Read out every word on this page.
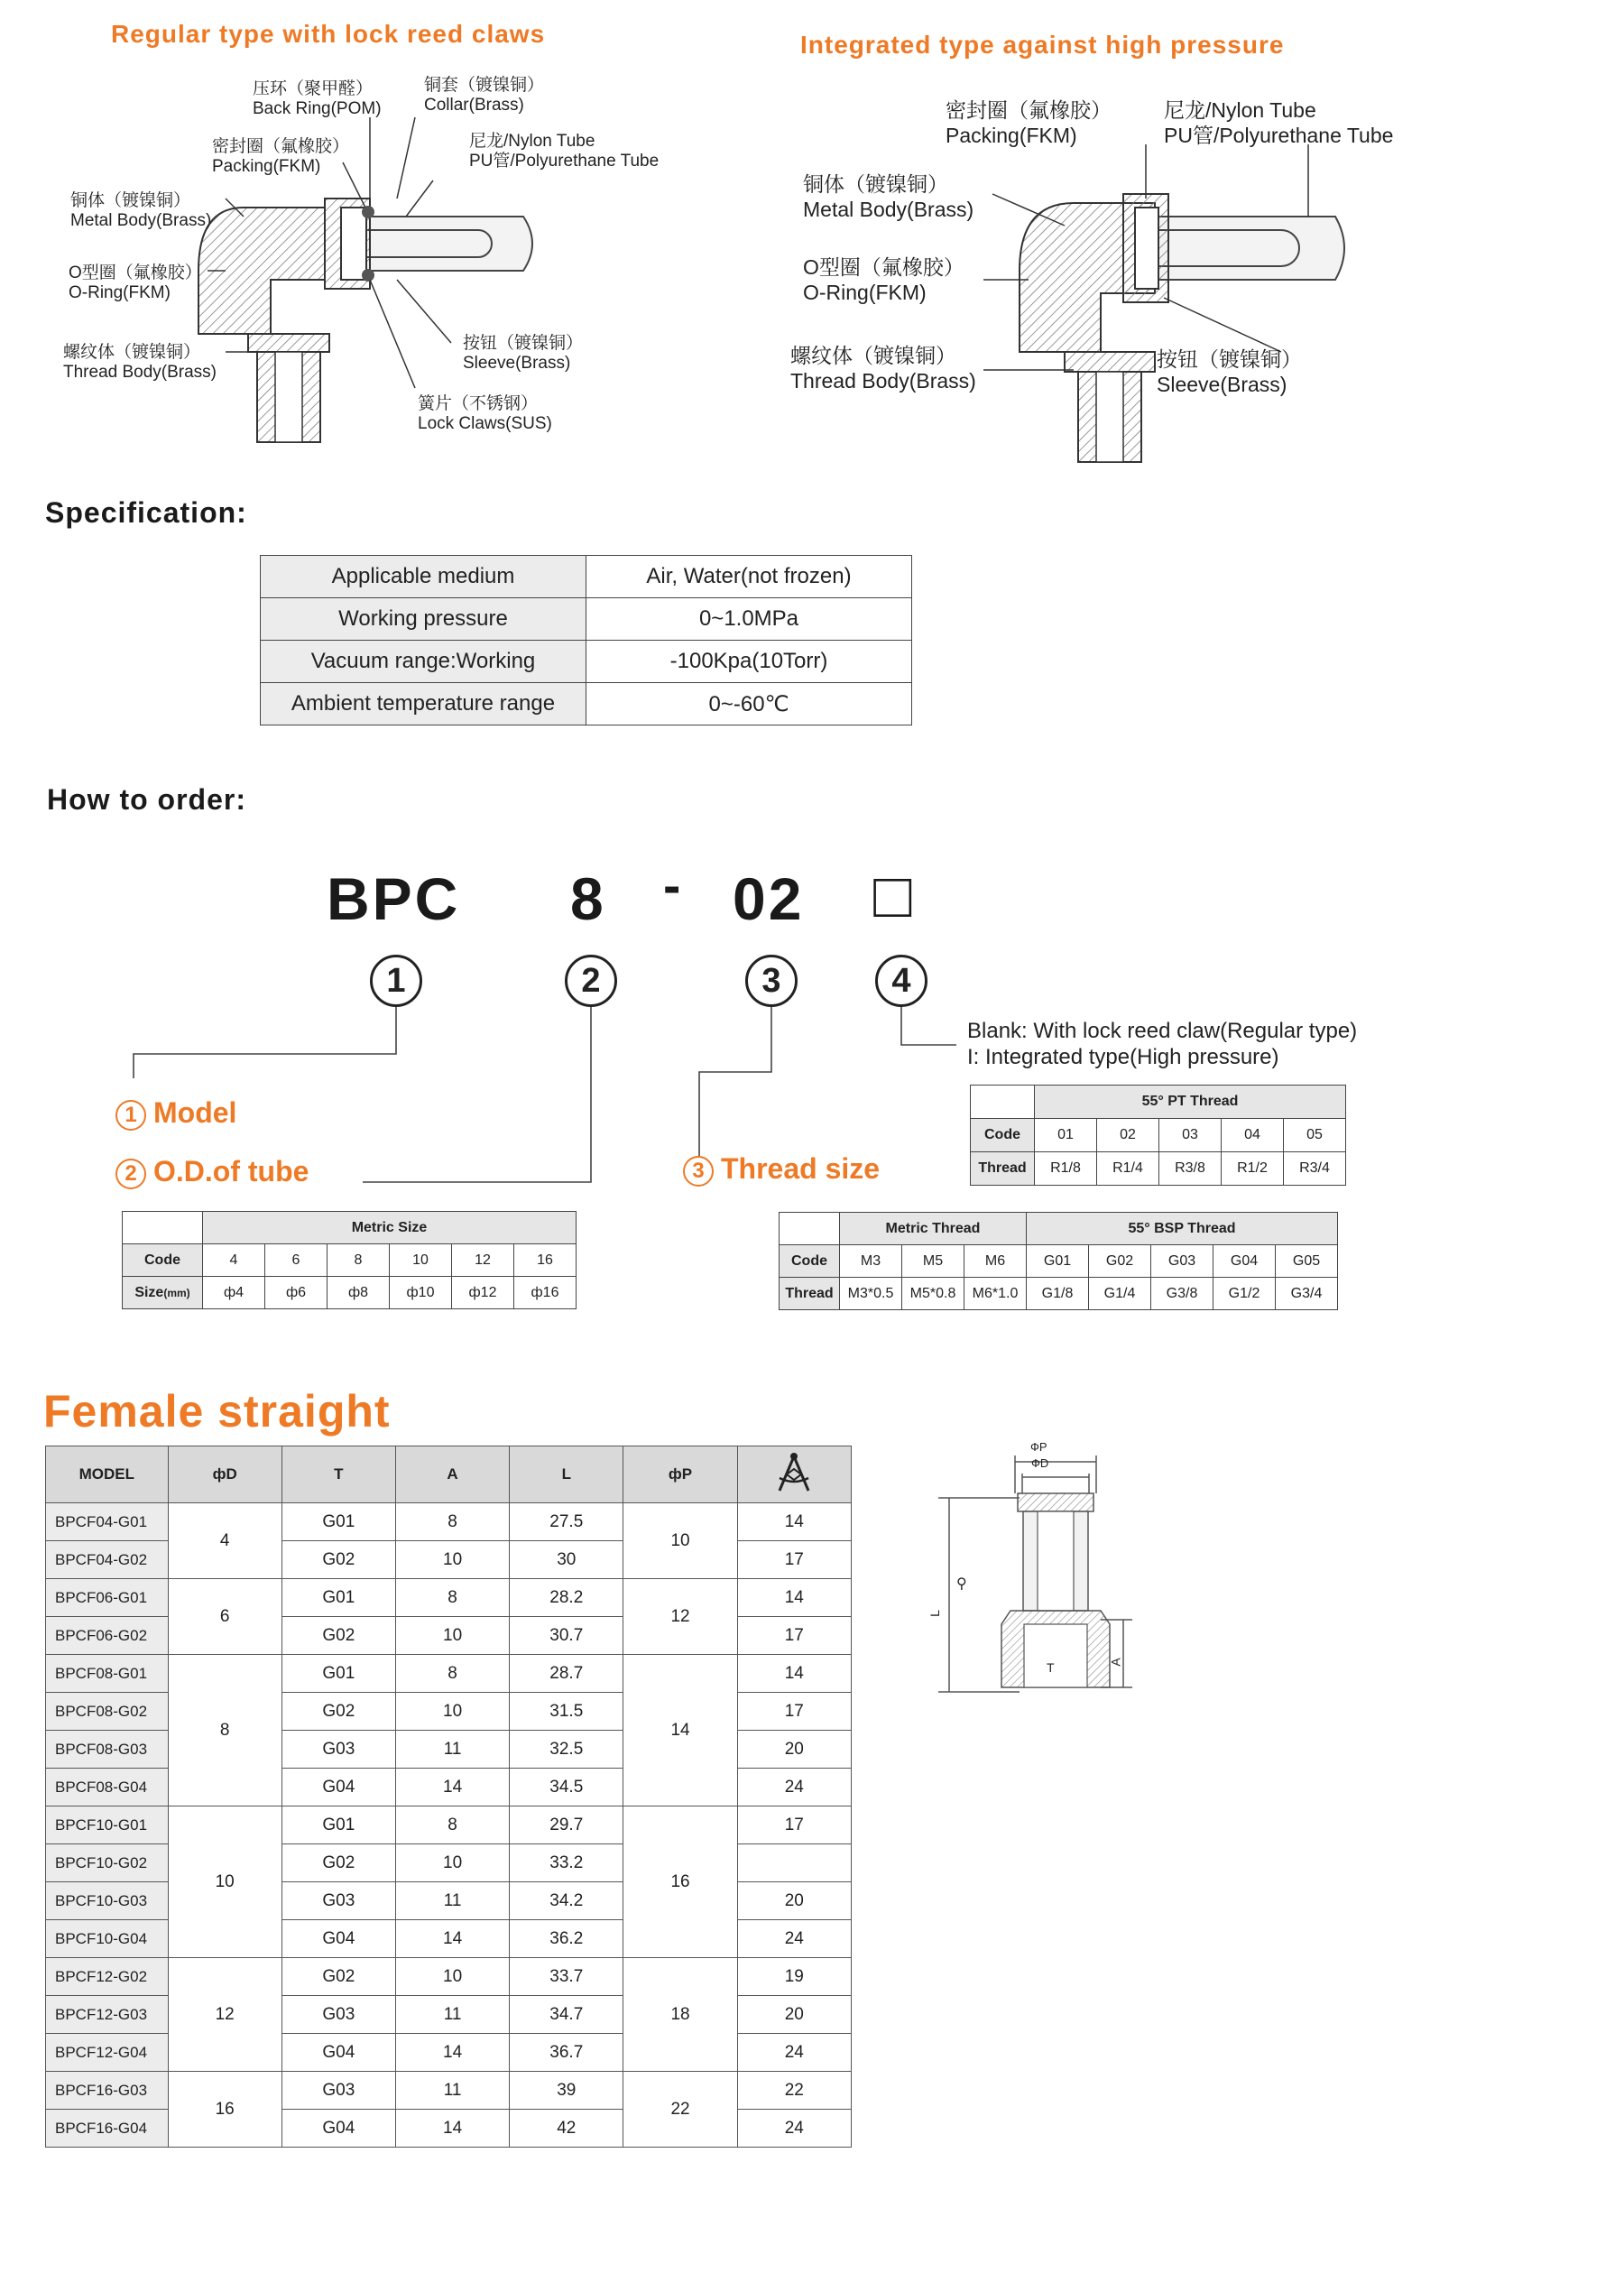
Regular type with lock reed claws	Integrated type against high pressure
压环（聚甲醛）
Back Ring(POM)
铜套（镀镍铜）
Collar(Brass)
密封圈（氟橡胶）
Packing(FKM)
尼龙/Nylon Tube
PU管/Polyurethane Tube
铜体（镀镍铜）
Metal Body(Brass)
O型圈（氟橡胶）
O-Ring(FKM)
螺纹体（镀镍铜）
Thread Body(Brass)
按钮（镀镍铜）
Sleeve(Brass)
簧片（不锈钢）
Lock Claws(SUS)
密封圈（氟橡胶）
Packing(FKM)
尼龙/Nylon Tube
PU管/Polyurethane Tube
铜体（镀镍铜）
Metal Body(Brass)
O型圈（氟橡胶）
O-Ring(FKM)
螺纹体（镀镍铜）
Thread Body(Brass)
按钮（镀镍铜）
Sleeve(Brass)
Specification:
Applicable medium	Air, Water(not frozen)
Working pressure	0~1.0MPa
Vacuum range:Working	-100Kpa(10Torr)
Ambient temperature range	0~-60℃
How to order:
BPC 8 - 02 □
1	2	3	4
Blank: With lock reed claw(Regular type)
I: Integrated type(High pressure)
1 Model
2 O.D.of tube	3 Thread size
	55° PT Thread				
Code	01	02	03	04	05
Thread	R1/8	R1/4	R3/8	R1/2	R3/4
	Metric Size					
Code	4	6	8	10	12	16
Size(mm)	ф4	ф6	ф8	ф10	ф12	ф16
	Metric Thread			55° BSP Thread				
Code	M3	M5	M6	G01	G02	G03	G04	G05
Thread	M3*0.5	M5*0.8	M6*1.0	G1/8	G1/4	G3/8	G1/2	G3/4
Female straight
MODEL	фD	T	A	L	фP	
BPCF04-G01	4	G01	8	27.5	10	14
BPCF04-G02		G02	10	30		17
BPCF06-G01	6	G01	8	28.2	12	14
BPCF06-G02		G02	10	30.7		17
BPCF08-G01	8	G01	8	28.7	14	14
BPCF08-G02		G02	10	31.5		17
BPCF08-G03		G03	11	32.5		20
BPCF08-G04		G04	14	34.5		24
BPCF10-G01	10	G01	8	29.7	16	17
BPCF10-G02		G02	10	33.2		
BPCF10-G03		G03	11	34.2		20
BPCF10-G04		G04	14	36.2		24
BPCF12-G02	12	G02	10	33.7	18	19
BPCF12-G03		G03	11	34.7		20
BPCF12-G04		G04	14	36.7		24
BPCF16-G03	16	G03	11	39	22	22
BPCF16-G04		G04	14	42		24
ФP
ФD
L
T	A
⚲
